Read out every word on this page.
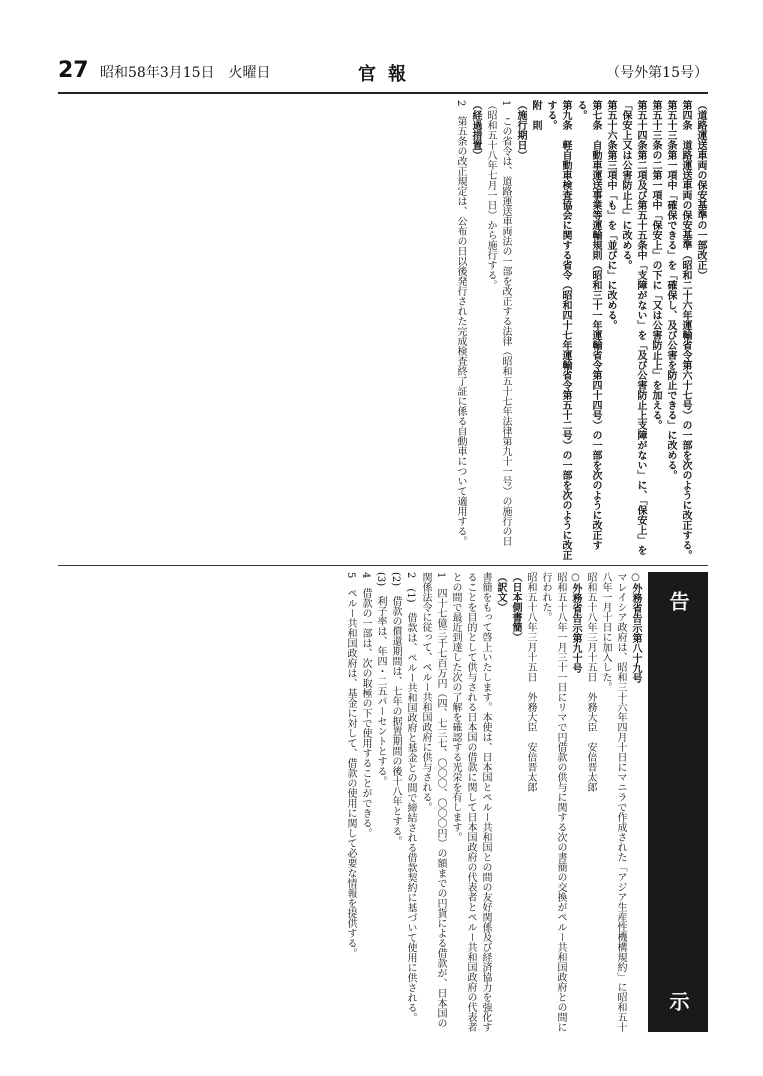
27 昭和58年3月15日　火曜日	官報	（号外第15号）

（道路運送車両の保安基準の一部改正）

第四条　道路運送車両の保安基準（昭和二十六年運輸省令第六十七号）の一部を次のように改正する。

第五十三条第一項中「確保できる」を「確保し、及び公害を防止できる」に改める。

第五十三条の二第一項中「保安上」の下に「又は公害防止上」を加える。

第五十四条第二項及び第五十五条中「支障がない」を「及び公害防止上支障がない」に、「保安上」を「保安上又は公害防止上」に改める。

第五十六条第三項中「も」を「並びに」に改める。

第七条　自動車運送事業等運輸規則（昭和三十一年運輸省令第四十四号）の一部を次のように改正する。

第九条　軽自動車検査協会に関する省令（昭和四十七年運輸省令第五十二号）の一部を次のように改正する。

附　則

（施行期日）

1　この省令は、道路運送車両法の一部を改正する法律（昭和五十七年法律第九十一号）の施行の日（昭和五十八年七月一日）から施行する。

（経過措置）

2　第五条の改正規定は、公布の日以後発行された完成検査終了証に係る自動車について適用する。

○外務省告示第八十九号

マレイシア政府は、昭和三十六年四月十日にマニラで作成された「アジア生産性機構規約」に昭和五十八年一月十日に加入した。

昭和五十八年三月十五日　外務大臣　安倍晋太郎

○外務省告示第九十号

昭和五十八年一月三十一日にリマで円借款の供与に関する次の書簡の交換がペルー共和国政府との間に行われた。

昭和五十八年三月十五日　外務大臣　安倍晋太郎

（日本側書簡）

（訳文）

書簡をもって啓上いたします。本使は、日本国とペルー共和国との間の友好関係及び経済協力を強化することを目的として供与される日本国の借款に関して日本国政府の代表者とペルー共和国政府の代表者との間で最近到達した次の了解を確認する光栄を有します。

1　四十七億三千七百万円（四、七三七、〇〇〇、〇〇〇円）の額までの円貨による借款が、日本国の関係法令に従って、ペルー共和国政府に供与される。

2　(1)　借款は、ペルー共和国政府と基金との間で締結される借款契約に基づいて使用に供される。

(2)　借款の償還期間は、七年の据置期間の後十八年とする。

(3)　利子率は、年四・二五パーセントとする。

4　借款の一部は、次の取極の下で使用することができる。

5　ペルー共和国政府は、基金に対して、借款の使用に関して必要な情報を提供する。	告
示
